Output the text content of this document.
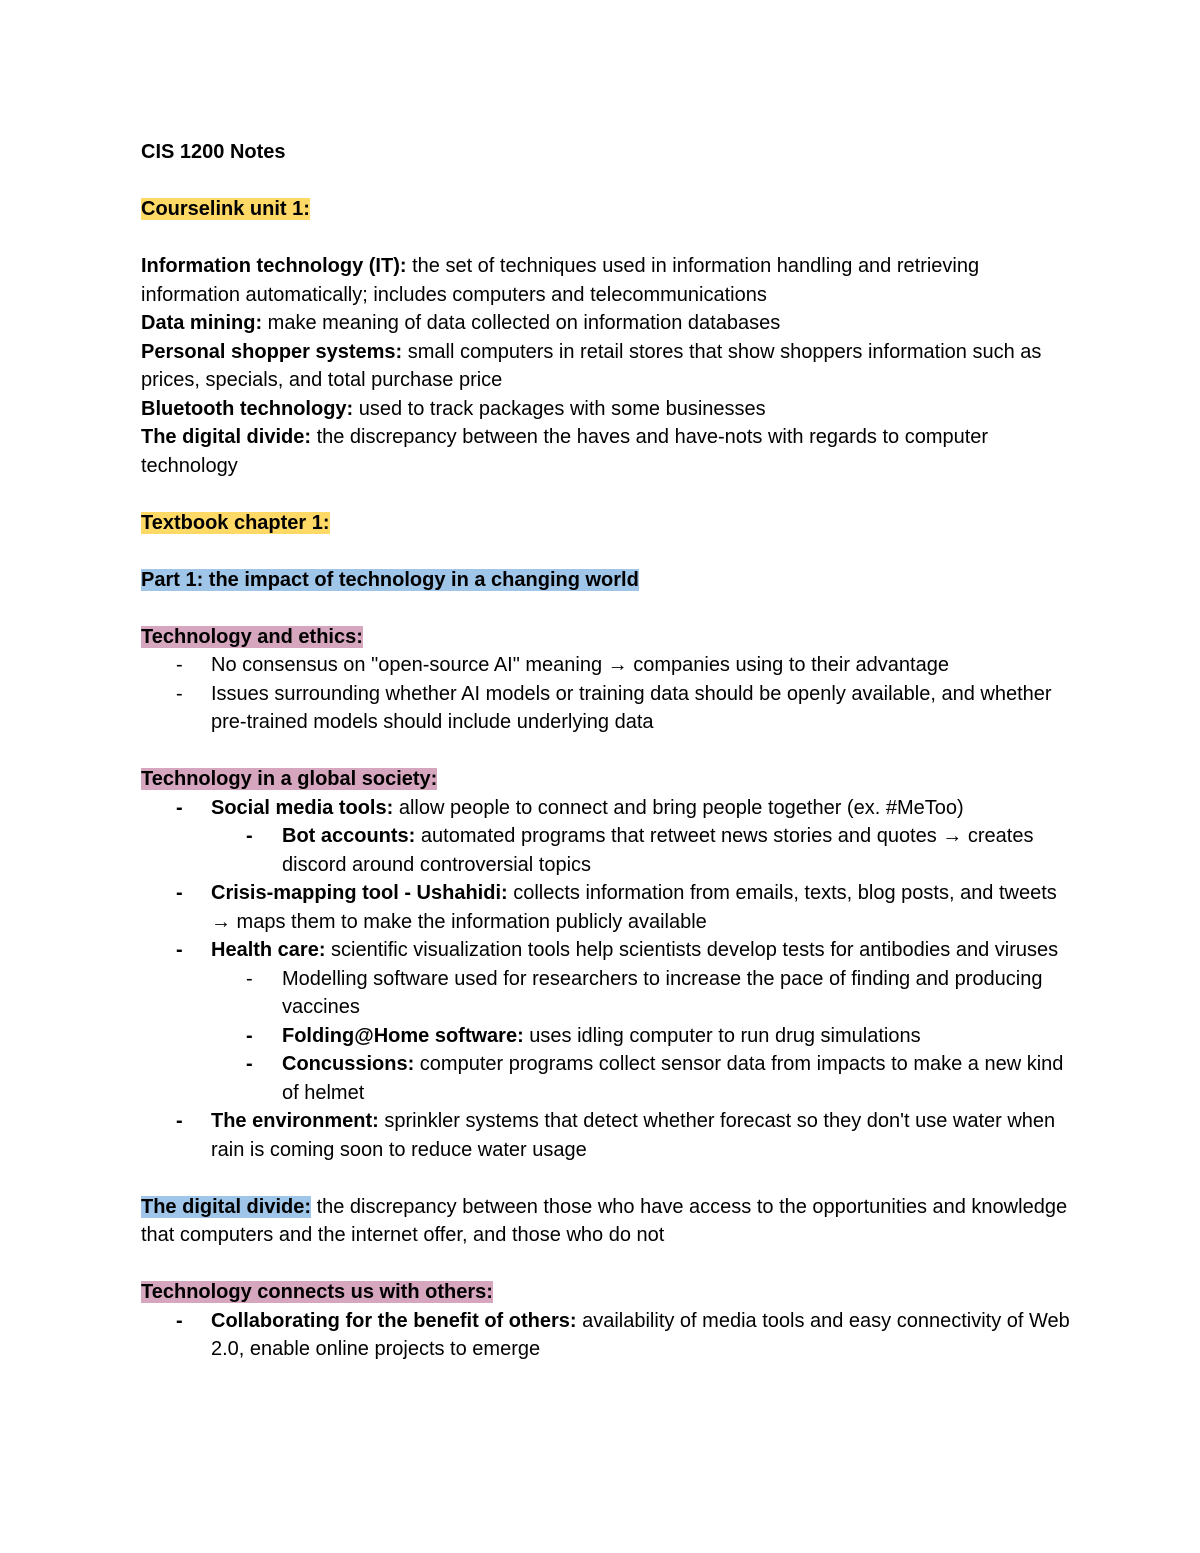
CIS 1200 Notes

Courselink unit 1:

Information technology (IT): the set of techniques used in information handling and retrieving information automatically; includes computers and telecommunications

Data mining: make meaning of data collected on information databases

Personal shopper systems: small computers in retail stores that show shoppers information such as prices, specials, and total purchase price

Bluetooth technology: used to track packages with some businesses

The digital divide: the discrepancy between the haves and have-nots with regards to computer technology

Textbook chapter 1:

Part 1: the impact of technology in a changing world

Technology and ethics:

- No consensus on "open-source AI" meaning → companies using to their advantage
- Issues surrounding whether AI models or training data should be openly available, and whether pre-trained models should include underlying data

Technology in a global society:

- Social media tools: allow people to connect and bring people together (ex. #MeToo)
- Bot accounts: automated programs that retweet news stories and quotes → creates discord around controversial topics
- Crisis-mapping tool - Ushahidi: collects information from emails, texts, blog posts, and tweets → maps them to make the information publicly available
- Health care: scientific visualization tools help scientists develop tests for antibodies and viruses
- Modelling software used for researchers to increase the pace of finding and producing vaccines
- Folding@Home software: uses idling computer to run drug simulations
- Concussions: computer programs collect sensor data from impacts to make a new kind of helmet
- The environment: sprinkler systems that detect whether forecast so they don't use water when rain is coming soon to reduce water usage

The digital divide: the discrepancy between those who have access to the opportunities and knowledge that computers and the internet offer, and those who do not

Technology connects us with others:

- Collaborating for the benefit of others: availability of media tools and easy connectivity of Web 2.0, enable online projects to emerge
